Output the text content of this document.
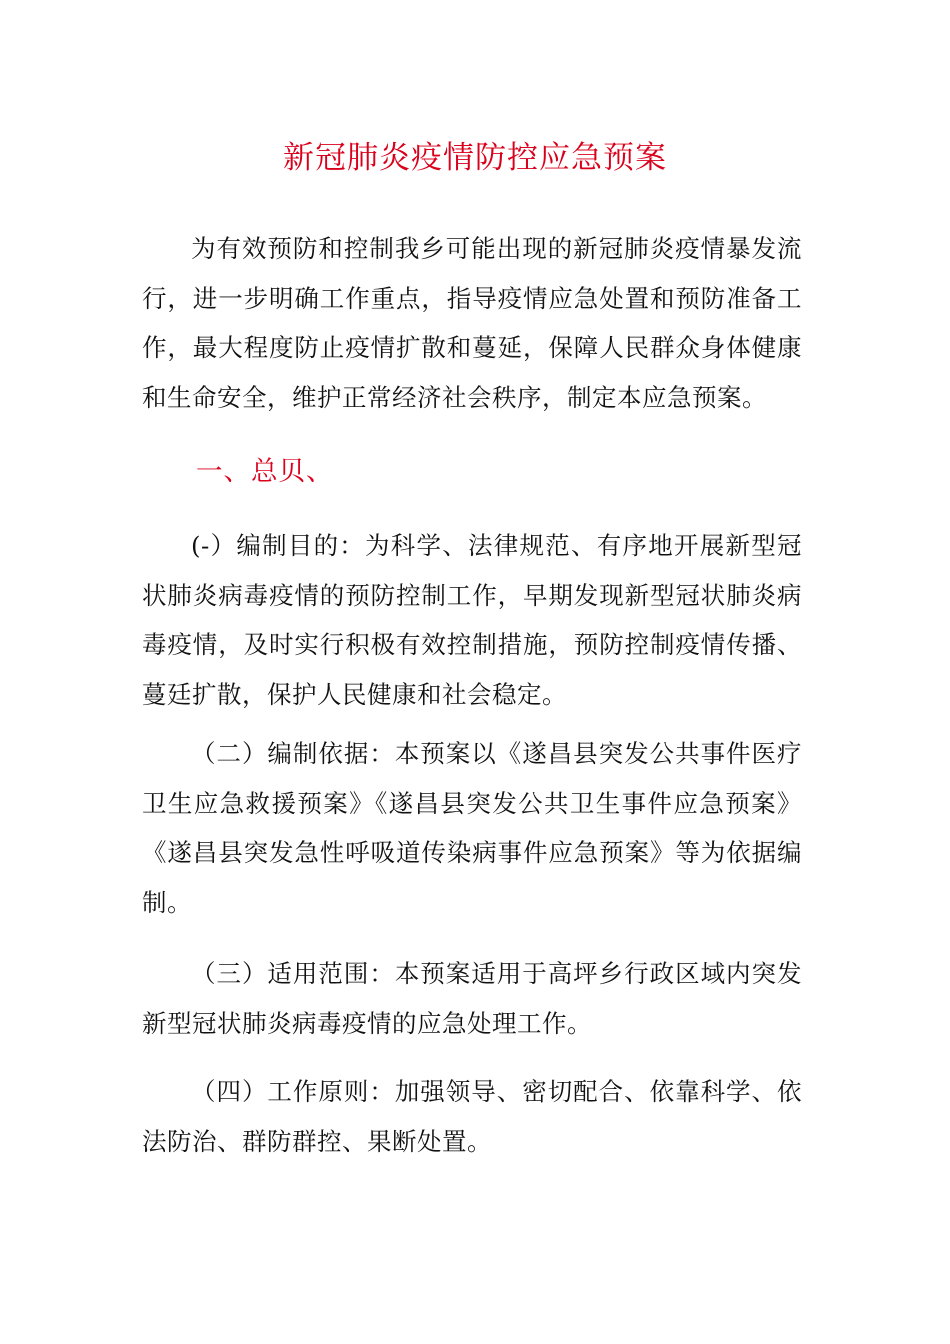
新冠肺炎疫情防控应急预案

为有效预防和控制我乡可能出现的新冠肺炎疫情暴发流行，进一步明确工作重点，指导疫情应急处置和预防准备工作，最大程度防止疫情扩散和蔓延，保障人民群众身体健康和生命安全，维护正常经济社会秩序，制定本应急预案。

一、总贝、

(-）编制目的：为科学、法律规范、有序地开展新型冠状肺炎病毒疫情的预防控制工作，早期发现新型冠状肺炎病毒疫情，及时实行积极有效控制措施，预防控制疫情传播、蔓廷扩散，保护人民健康和社会稳定。

（二）编制依据：本预案以《遂昌县突发公共事件医疗卫生应急救援预案》《遂昌县突发公共卫生事件应急预案》《遂昌县突发急性呼吸道传染病事件应急预案》等为依据编制。

（三）适用范围：本预案适用于高坪乡行政区域内突发新型冠状肺炎病毒疫情的应急处理工作。

（四）工作原则：加强领导、密切配合、依靠科学、依法防治、群防群控、果断处置。
